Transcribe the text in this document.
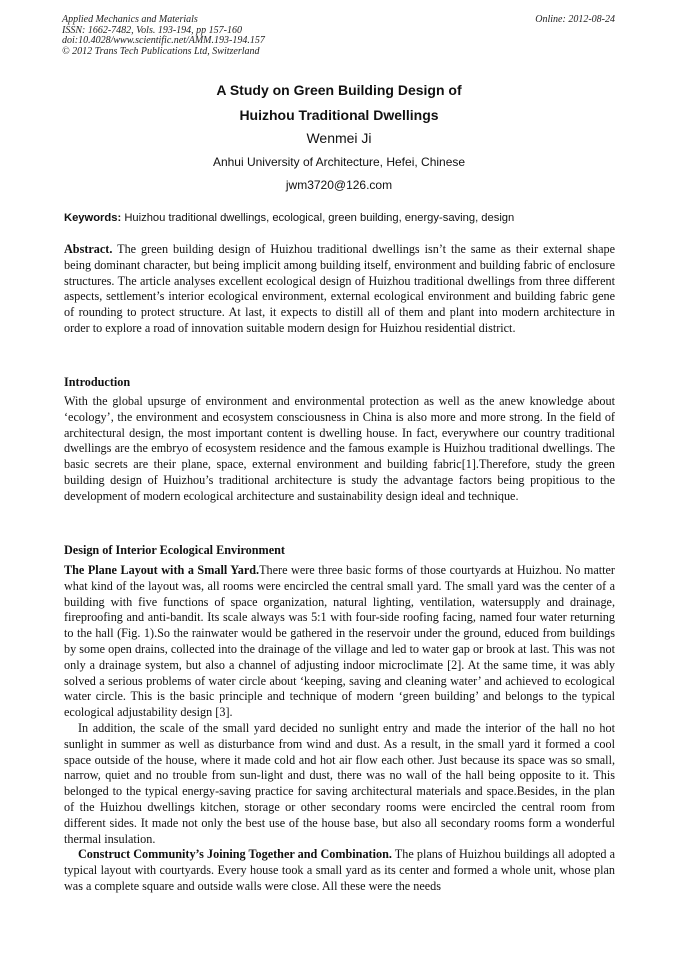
Applied Mechanics and Materials
ISSN: 1662-7482, Vols. 193-194, pp 157-160
doi:10.4028/www.scientific.net/AMM.193-194.157
© 2012 Trans Tech Publications Ltd, Switzerland
Online: 2012-08-24
A Study on Green Building Design of
Huizhou Traditional Dwellings
Wenmei Ji
Anhui University of Architecture, Hefei, Chinese
jwm3720@126.com
Keywords: Huizhou traditional dwellings, ecological, green building, energy-saving, design

Abstract. The green building design of Huizhou traditional dwellings isn’t the same as their external shape being dominant character, but being implicit among building itself, environment and building fabric of enclosure structures. The article analyses excellent ecological design of Huizhou traditional dwellings from three different aspects, settlement’s interior ecological environment, external ecological environment and building fabric gene of rounding to protect structure. At last, it expects to distill all of them and plant into modern architecture in order to explore a road of innovation suitable modern design for Huizhou residential district.

Introduction

With the global upsurge of environment and environmental protection as well as the anew knowledge about ‘ecology’, the environment and ecosystem consciousness in China is also more and more strong. In the field of architectural design, the most important content is dwelling house. In fact, everywhere our country traditional dwellings are the embryo of ecosystem residence and the famous example is Huizhou traditional dwellings. The basic secrets are their plane, space, external environment and building fabric[1].Therefore, study the green building design of Huizhou’s traditional architecture is study the advantage factors being propitious to the development of modern ecological architecture and sustainability design ideal and technique.

Design of Interior Ecological Environment

The Plane Layout with a Small Yard.There were three basic forms of those courtyards at Huizhou. No matter what kind of the layout was, all rooms were encircled the central small yard. The small yard was the center of a building with five functions of space organization, natural lighting, ventilation, watersupply and drainage, fireproofing and anti-bandit. Its scale always was 5:1 with four-side roofing facing, named four water returning to the hall (Fig. 1).So the rainwater would be gathered in the reservoir under the ground, educed from buildings by some open drains, collected into the drainage of the village and led to water gap or brook at last. This was not only a drainage system, but also a channel of adjusting indoor microclimate [2]. At the same time, it was ably solved a serious problems of water circle about ‘keeping, saving and cleaning water’ and achieved to ecological water circle. This is the basic principle and technique of modern ‘green building’ and belongs to the typical ecological adjustability design [3].

In addition, the scale of the small yard decided no sunlight entry and made the interior of the hall no hot sunlight in summer as well as disturbance from wind and dust. As a result, in the small yard it formed a cool space outside of the house, where it made cold and hot air flow each other. Just because its space was so small, narrow, quiet and no trouble from sun-light and dust, there was no wall of the hall being opposite to it. This belonged to the typical energy-saving practice for saving architectural materials and space.Besides, in the plan of the Huizhou dwellings kitchen, storage or other secondary rooms were encircled the central room from different sides. It made not only the best use of the house base, but also all secondary rooms form a wonderful thermal insulation.

Construct Community’s Joining Together and Combination. The plans of Huizhou buildings all adopted a typical layout with courtyards. Every house took a small yard as its center and formed a whole unit, whose plan was a complete square and outside walls were close. All these were the needs
